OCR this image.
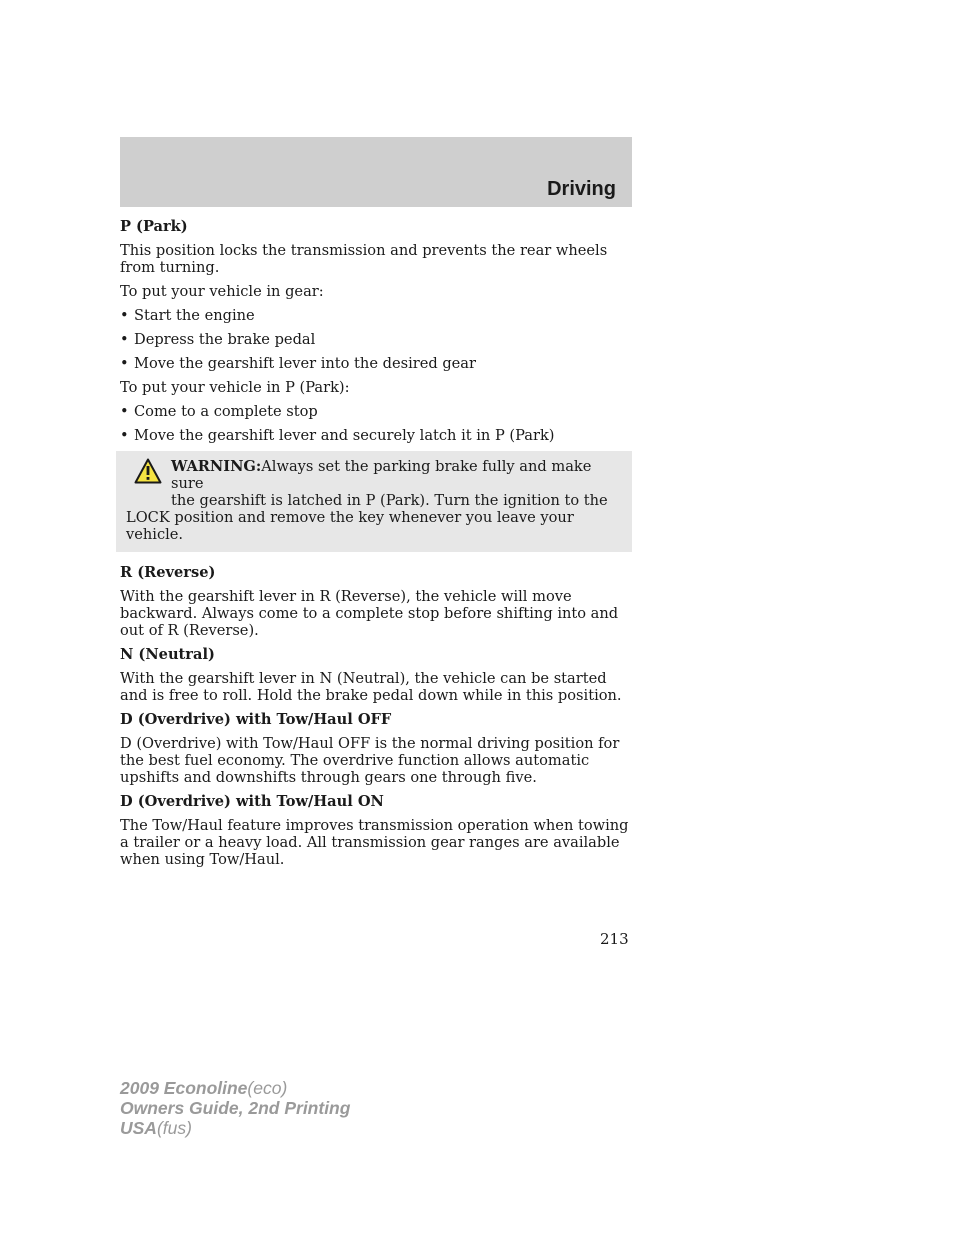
Driving
P (Park)

This position locks the transmission and prevents the rear wheels from turning.

To put your vehicle in gear:

• Start the engine
• Depress the brake pedal
• Move the gearshift lever into the desired gear

To put your vehicle in P (Park):

• Come to a complete stop
• Move the gearshift lever and securely latch it in P (Park)
WARNING:Always set the parking brake fully and make sure
the gearshift is latched in P (Park). Turn the ignition to the
LOCK position and remove the key whenever you leave your vehicle.
R (Reverse)

With the gearshift lever in R (Reverse), the vehicle will move backward. Always come to a complete stop before shifting into and out of R (Reverse).

N (Neutral)

With the gearshift lever in N (Neutral), the vehicle can be started and is free to roll. Hold the brake pedal down while in this position.

D (Overdrive) with Tow/Haul OFF

D (Overdrive) with Tow/Haul OFF is the normal driving position for the best fuel economy. The overdrive function allows automatic upshifts and downshifts through gears one through five.

D (Overdrive) with Tow/Haul ON

The Tow/Haul feature improves transmission operation when towing a trailer or a heavy load. All transmission gear ranges are available when using Tow/Haul.

213
2009 Econoline(eco)
Owners Guide, 2nd Printing
USA(fus)
